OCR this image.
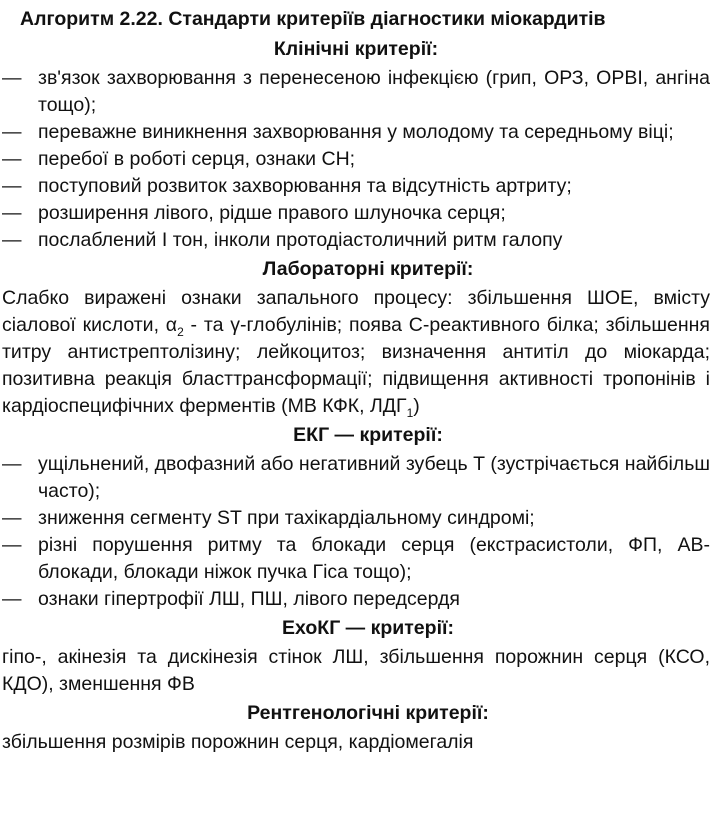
Алгоритм 2.22. Стандарти критеріїв діагностики міокардитів
Клінічні критерії:
— зв'язок захворювання з перенесеною інфекцією (грип, ОРЗ, ОРВІ, ангіна тощо);
— переважне виникнення захворювання у молодому та середньому віці;
— перебої в роботі серця, ознаки СН;
— поступовий розвиток захворювання та відсутність артриту;
— розширення лівого, рідше правого шлуночка серця;
— послаблений І тон, інколи протодіастоличний ритм галопу
Лабораторні критерії:

Слабко виражені ознаки запального процесу: збільшення ШОЕ, вмісту сіалової кислоти, $\alpha_2$ - та γ-глобулінів; поява С-реактивного білка; збільшення титру антистрептолізину; лейкоцитоз; визначення антитіл до міокарда; позитивна реакція бласттрансформації; підвищення активності тропонінів і кардіоспецифічних ферментів (МВ КФК, $ЛДГ_1$)

ЕКГ — критерії:
— ущільнений, двофазний або негативний зубець Т (зустрічається найбільш часто);
— зниження сегменту ST при тахікардіальному синдромі;
— різні порушення ритму та блокади серця (екстрасистоли, ФП, АВ-блокади, блокади ніжок пучка Гіса тощо);
— ознаки гіпертрофії ЛШ, ПШ, лівого передсердя
ЕхоКГ — критерії:

гіпо-, акінезія та дискінезія стінок ЛШ, збільшення порожнин серця (КСО, КДО), зменшення ФВ

Рентгенологічні критерії:

збільшення розмірів порожнин серця, кардіомегалія
